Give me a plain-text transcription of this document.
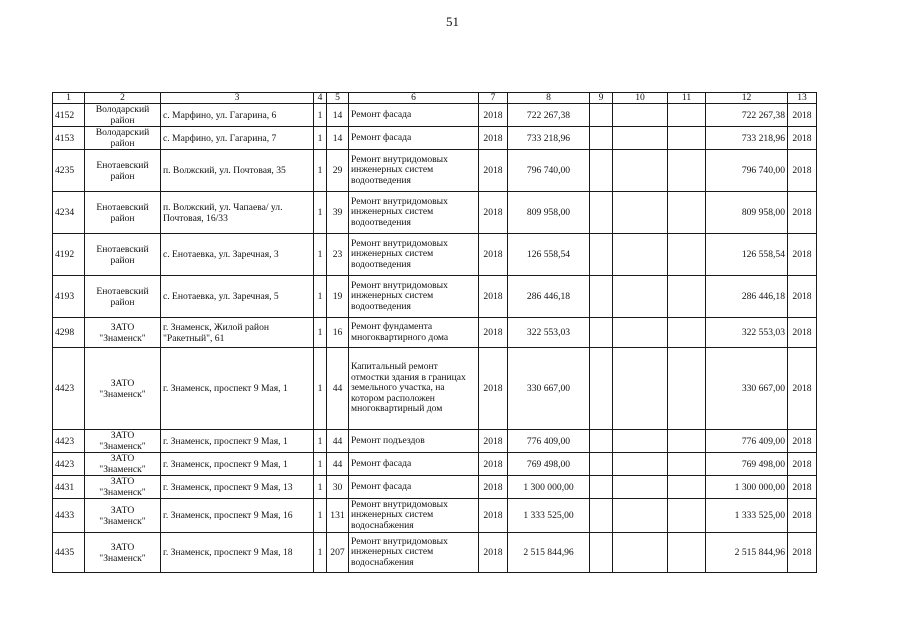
51
1	2	3	4	5	6	7	8	9	10	11	12	13
4152	Володарский район	с. Марфино, ул. Гагарина, 6	1	14	Ремонт фасада	2018	722 267,38				722 267,38	2018
4153	Володарский район	с. Марфино, ул. Гагарина, 7	1	14	Ремонт фасада	2018	733 218,96				733 218,96	2018
4235	Енотаевский район	п. Волжский, ул. Почтовая, 35	1	29	Ремонт внутридомовых инженерных систем водоотведения	2018	796 740,00				796 740,00	2018
4234	Енотаевский район	п. Волжский, ул. Чапаева/ ул. Почтовая, 16/33	1	39	Ремонт внутридомовых инженерных систем водоотведения	2018	809 958,00				809 958,00	2018
4192	Енотаевский район	с. Енотаевка, ул. Заречная, 3	1	23	Ремонт внутридомовых инженерных систем водоотведения	2018	126 558,54				126 558,54	2018
4193	Енотаевский район	с. Енотаевка, ул. Заречная, 5	1	19	Ремонт внутридомовых инженерных систем водоотведения	2018	286 446,18				286 446,18	2018
4298	ЗАТО "Знаменск"	г. Знаменск, Жилой район "Ракетный", 61	1	16	Ремонт фундамента многоквартирного дома	2018	322 553,03				322 553,03	2018
4423	ЗАТО "Знаменск"	г. Знаменск, проспект 9 Мая, 1	1	44	Капитальный ремонт отмостки здания в границах земельного участка, на котором расположен многоквартирный дом	2018	330 667,00				330 667,00	2018
4423	ЗАТО "Знаменск"	г. Знаменск, проспект 9 Мая, 1	1	44	Ремонт подъездов	2018	776 409,00				776 409,00	2018
4423	ЗАТО "Знаменск"	г. Знаменск, проспект 9 Мая, 1	1	44	Ремонт фасада	2018	769 498,00				769 498,00	2018
4431	ЗАТО "Знаменск"	г. Знаменск, проспект 9 Мая, 13	1	30	Ремонт фасада	2018	1 300 000,00				1 300 000,00	2018
4433	ЗАТО "Знаменск"	г. Знаменск, проспект 9 Мая, 16	1	131	Ремонт внутридомовых инженерных систем водоснабжения	2018	1 333 525,00				1 333 525,00	2018
4435	ЗАТО "Знаменск"	г. Знаменск, проспект 9 Мая, 18	1	207	Ремонт внутридомовых инженерных систем водоснабжения	2018	2 515 844,96				2 515 844,96	2018
